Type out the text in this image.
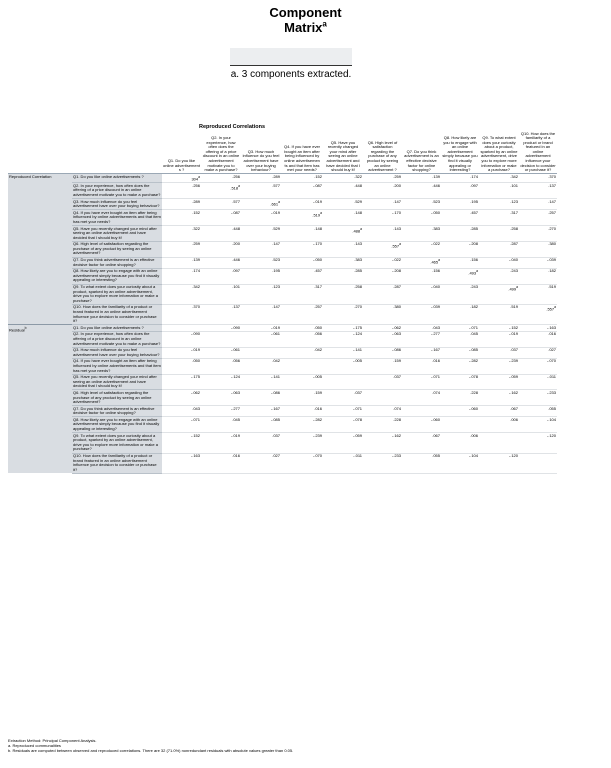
Component
Matrix$^a$
a. 3 components extracted.
Reproduced Correlations
		Q1. Do you like online advertisement s ?	Q2. In your experience, how often does the offering of a price discount in an online advertisement motivate you to make a purchase?	Q3. How much influence do you feel advertisement have over your buying behaviour?	Q4. If you have ever bought an item after being influenced by online advertisemen ts and that item has met your needs?	Q5. Have you recently changed your mind after seeing an online advertisement and have decided that I should buy it!	Q6. High level of satisfaction regarding the purchase of any product by seeing an online advertisement ?	Q7. Do you think advertisement is an effective decisive factor for online shopping?	Q8. How likely are you to engage with an online advertisement simply because you find it visually appealing or interesting?	Q9. To what extent does your curiosity about a product, sparked by an online advertisement, drive you to explore more information or make a purchase?	Q10. How does the familiarity of a product or brand featured in an online advertisement influence your decision to consider or purchase it?
Reproduced Correlation	Q1. Do you like online advertisements ?	304$^a$	.256	.289	.152	.322	.259	.139	.174	.342	.370
	Q2. In your experience, how often does the offering of a price discount in an online advertisement motivate you to make a purchase?	.256	.518$^a$	.577	-.087	.448	.200	.446	.097	.101	.137
	Q3. How much influence do you feel advertisement have over your buying behaviour?	.289	.577	.661$^a$	-.019	.529	.147	.523	.195	.123	.147
	Q4. If you have ever bought an item after being influenced by online advertisements and that item has met your needs?	.152	-.087	-.019	.519$^a$	.148	-.170	-.050	.457	.317	.257
	Q5. Have you recently changed your mind after seeing an online advertisement and have decided that I should buy it!	.322	.448	.529	.148	.488$^a$	.143	.383	.285	.258	.270
	Q6. High level of satisfaction regarding the purchase of any product by seeing an online advertisement?	.259	.200	.147	-.170	.143	.557$^a$	-.022	-.208	.287	.380
	Q7. Do you think advertisement is an effective decisive factor for online shopping?	.139	.446	.523	-.050	.383	-.022	.465$^a$	.156	-.040	-.039
	Q8. How likely are you to engage with an online advertisement simply because you find it visually appealing or interesting?	.174	.097	.195	.457	.285	-.208	.156	.493$^a$	.243	.182
	Q9. To what extent does your curiosity about a product, sparked by an online advertisement, drive you to explore more information or make a purchase?	.342	.101	.123	.317	.258	.287	-.040	.243	.499$^a$	.519
	Q10. How does the familiarity of a product or brand featured in an online advertisement influence your decision to consider or purchase it?	.370	.137	.147	.257	.270	.380	-.039	.182	.519	.557$^a$
Residual$^b$	Q1. Do you like online advertisements ?		-.090	-.019	.050	-.175	-.062	.043	-.071	-.152	-.163
	Q2. In your experience, how often does the offering of a price discount in an online advertisement motivate you to make a purchase?	-.090		-.061	.056	-.124	-.063	-.277	.045	-.019	.016
	Q3. How much influence do you feel advertisement have over your buying behaviour?	-.019	-.061		.042	-.141	-.086	-.167	-.085	.037	.027
	Q4. If you have ever bought an item after being influenced by online advertisements and that item has met your needs?	.050	.056	.042		-.005	.159	.016	-.282	-.239	-.070
	Q5. Have you recently changed your mind after seeing an online advertisement and have decided that I should buy it!	-.175	-.124	-.141	-.005		.037	-.071	-.078	-.059	-.011
	Q6. High level of satisfaction regarding the purchase of any product by seeing an online advertisement?	-.062	-.063	-.086	.159	.037		.074	.228	-.162	-.233
	Q7. Do you think advertisement is an effective decisive factor for online shopping?	.043	-.277	-.167	.016	-.071	.074		-.060	.067	.055
	Q8. How likely are you to engage with an online advertisement simply because you find it visually appealing or interesting?	-.071	.045	-.085	-.282	-.078	.228	-.060		.006	-.104
	Q9. To what extent does your curiosity about a product, sparked by an online advertisement, drive you to explore more information or make a purchase?	-.152	-.019	.037	-.239	-.059	-.162	.067	.006		-.120
	Q10. How does the familiarity of a product or brand featured in an online advertisement influence your decision to consider or purchase it?	-.163	.016	.027	-.070	-.011	-.233	.055	-.104	-.120	
Extraction Method: Principal Component Analysis.
a. Reproduced communalities
b. Residuals are computed between observed and reproduced correlations. There are 32 (71.0%) nonredundant residuals with absolute values greater than 0.05.
